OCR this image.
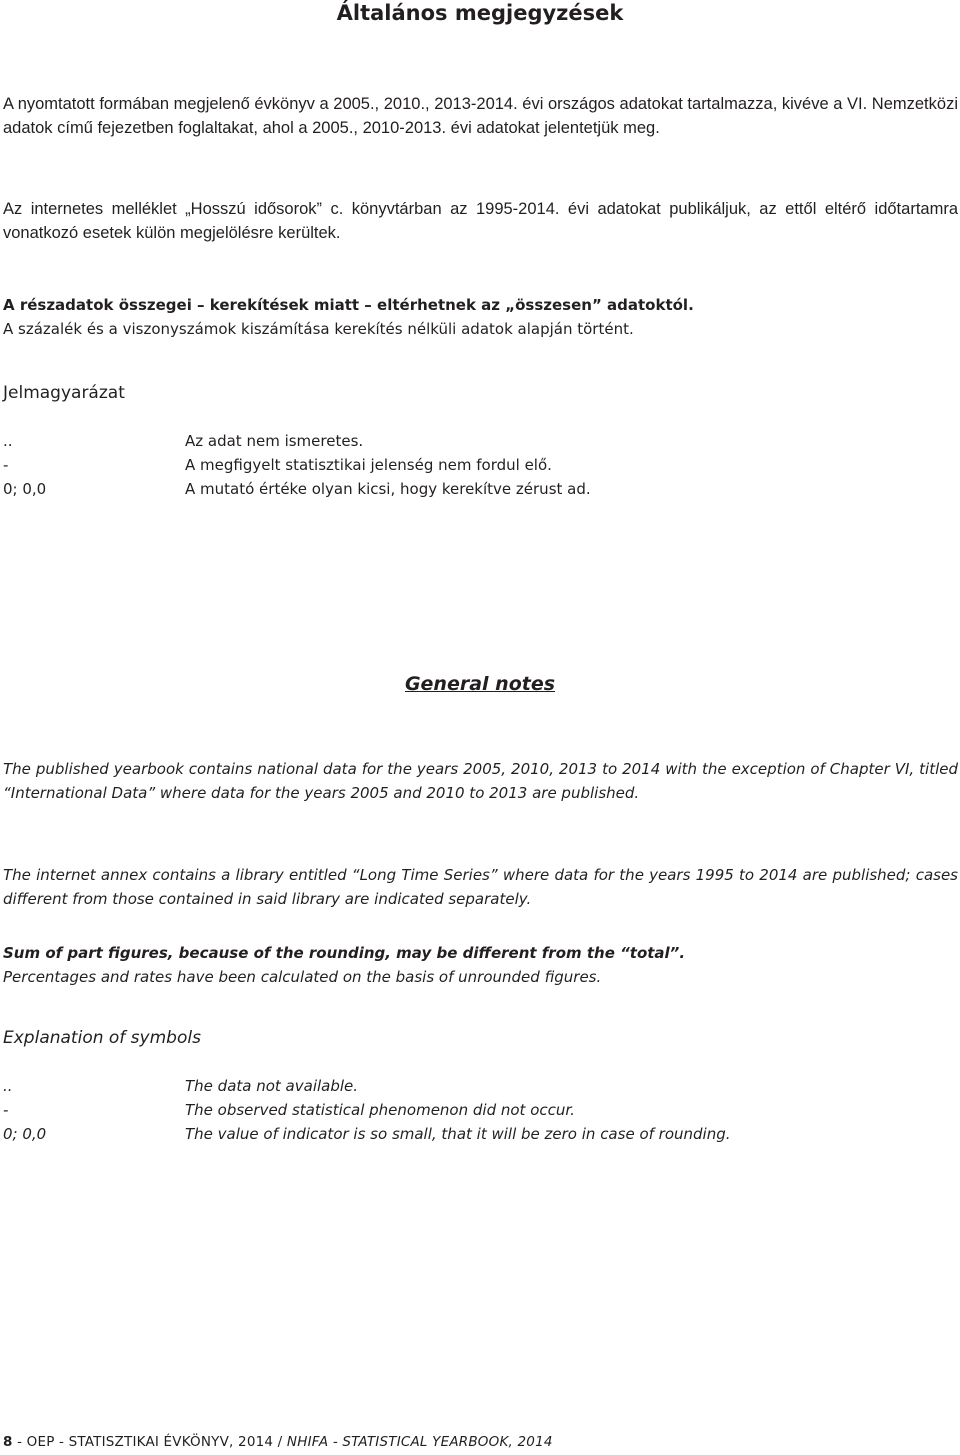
Általános megjegyzések

A nyomtatott formában megjelenő évkönyv a 2005., 2010., 2013-2014. évi országos adatokat tartalmazza, kivéve a VI. Nemzetközi adatok című fejezetben foglaltakat, ahol a 2005., 2010-2013. évi adatokat jelentetjük meg.

Az internetes melléklet „Hosszú idősorok” c. könyvtárban az 1995-2014. évi adatokat publikáljuk, az ettől eltérő időtartamra vonatkozó esetek külön megjelölésre kerültek.

A részadatok összegei – kerekítések miatt – eltérhetnek az „összesen” adatoktól.

A százalék és a viszonyszámok kiszámítása kerekítés nélküli adatok alapján történt.

Jelmagyarázat
..	Az adat nem ismeretes.
-	A megfigyelt statisztikai jelenség nem fordul elő.
0; 0,0	A mutató értéke olyan kicsi, hogy kerekítve zérust ad.
General notes

The published yearbook contains national data for the years 2005, 2010, 2013 to 2014 with the exception of Chapter VI, titled “International Data” where data for the years 2005 and 2010 to 2013 are published.

The internet annex contains a library entitled “Long Time Series” where data for the years 1995 to 2014 are published; cases different from those contained in said library are indicated separately.

Sum of part figures, because of the rounding, may be different from the “total”.

Percentages and rates have been calculated on the basis of unrounded figures.

Explanation of symbols
..	The data not available.
-	The observed statistical phenomenon did not occur.
0; 0,0	The value of indicator is so small, that it will be zero in case of rounding.
8 - OEP - STATISZTIKAI ÉVKÖNYV, 2014 / NHIFA - STATISTICAL YEARBOOK, 2014
